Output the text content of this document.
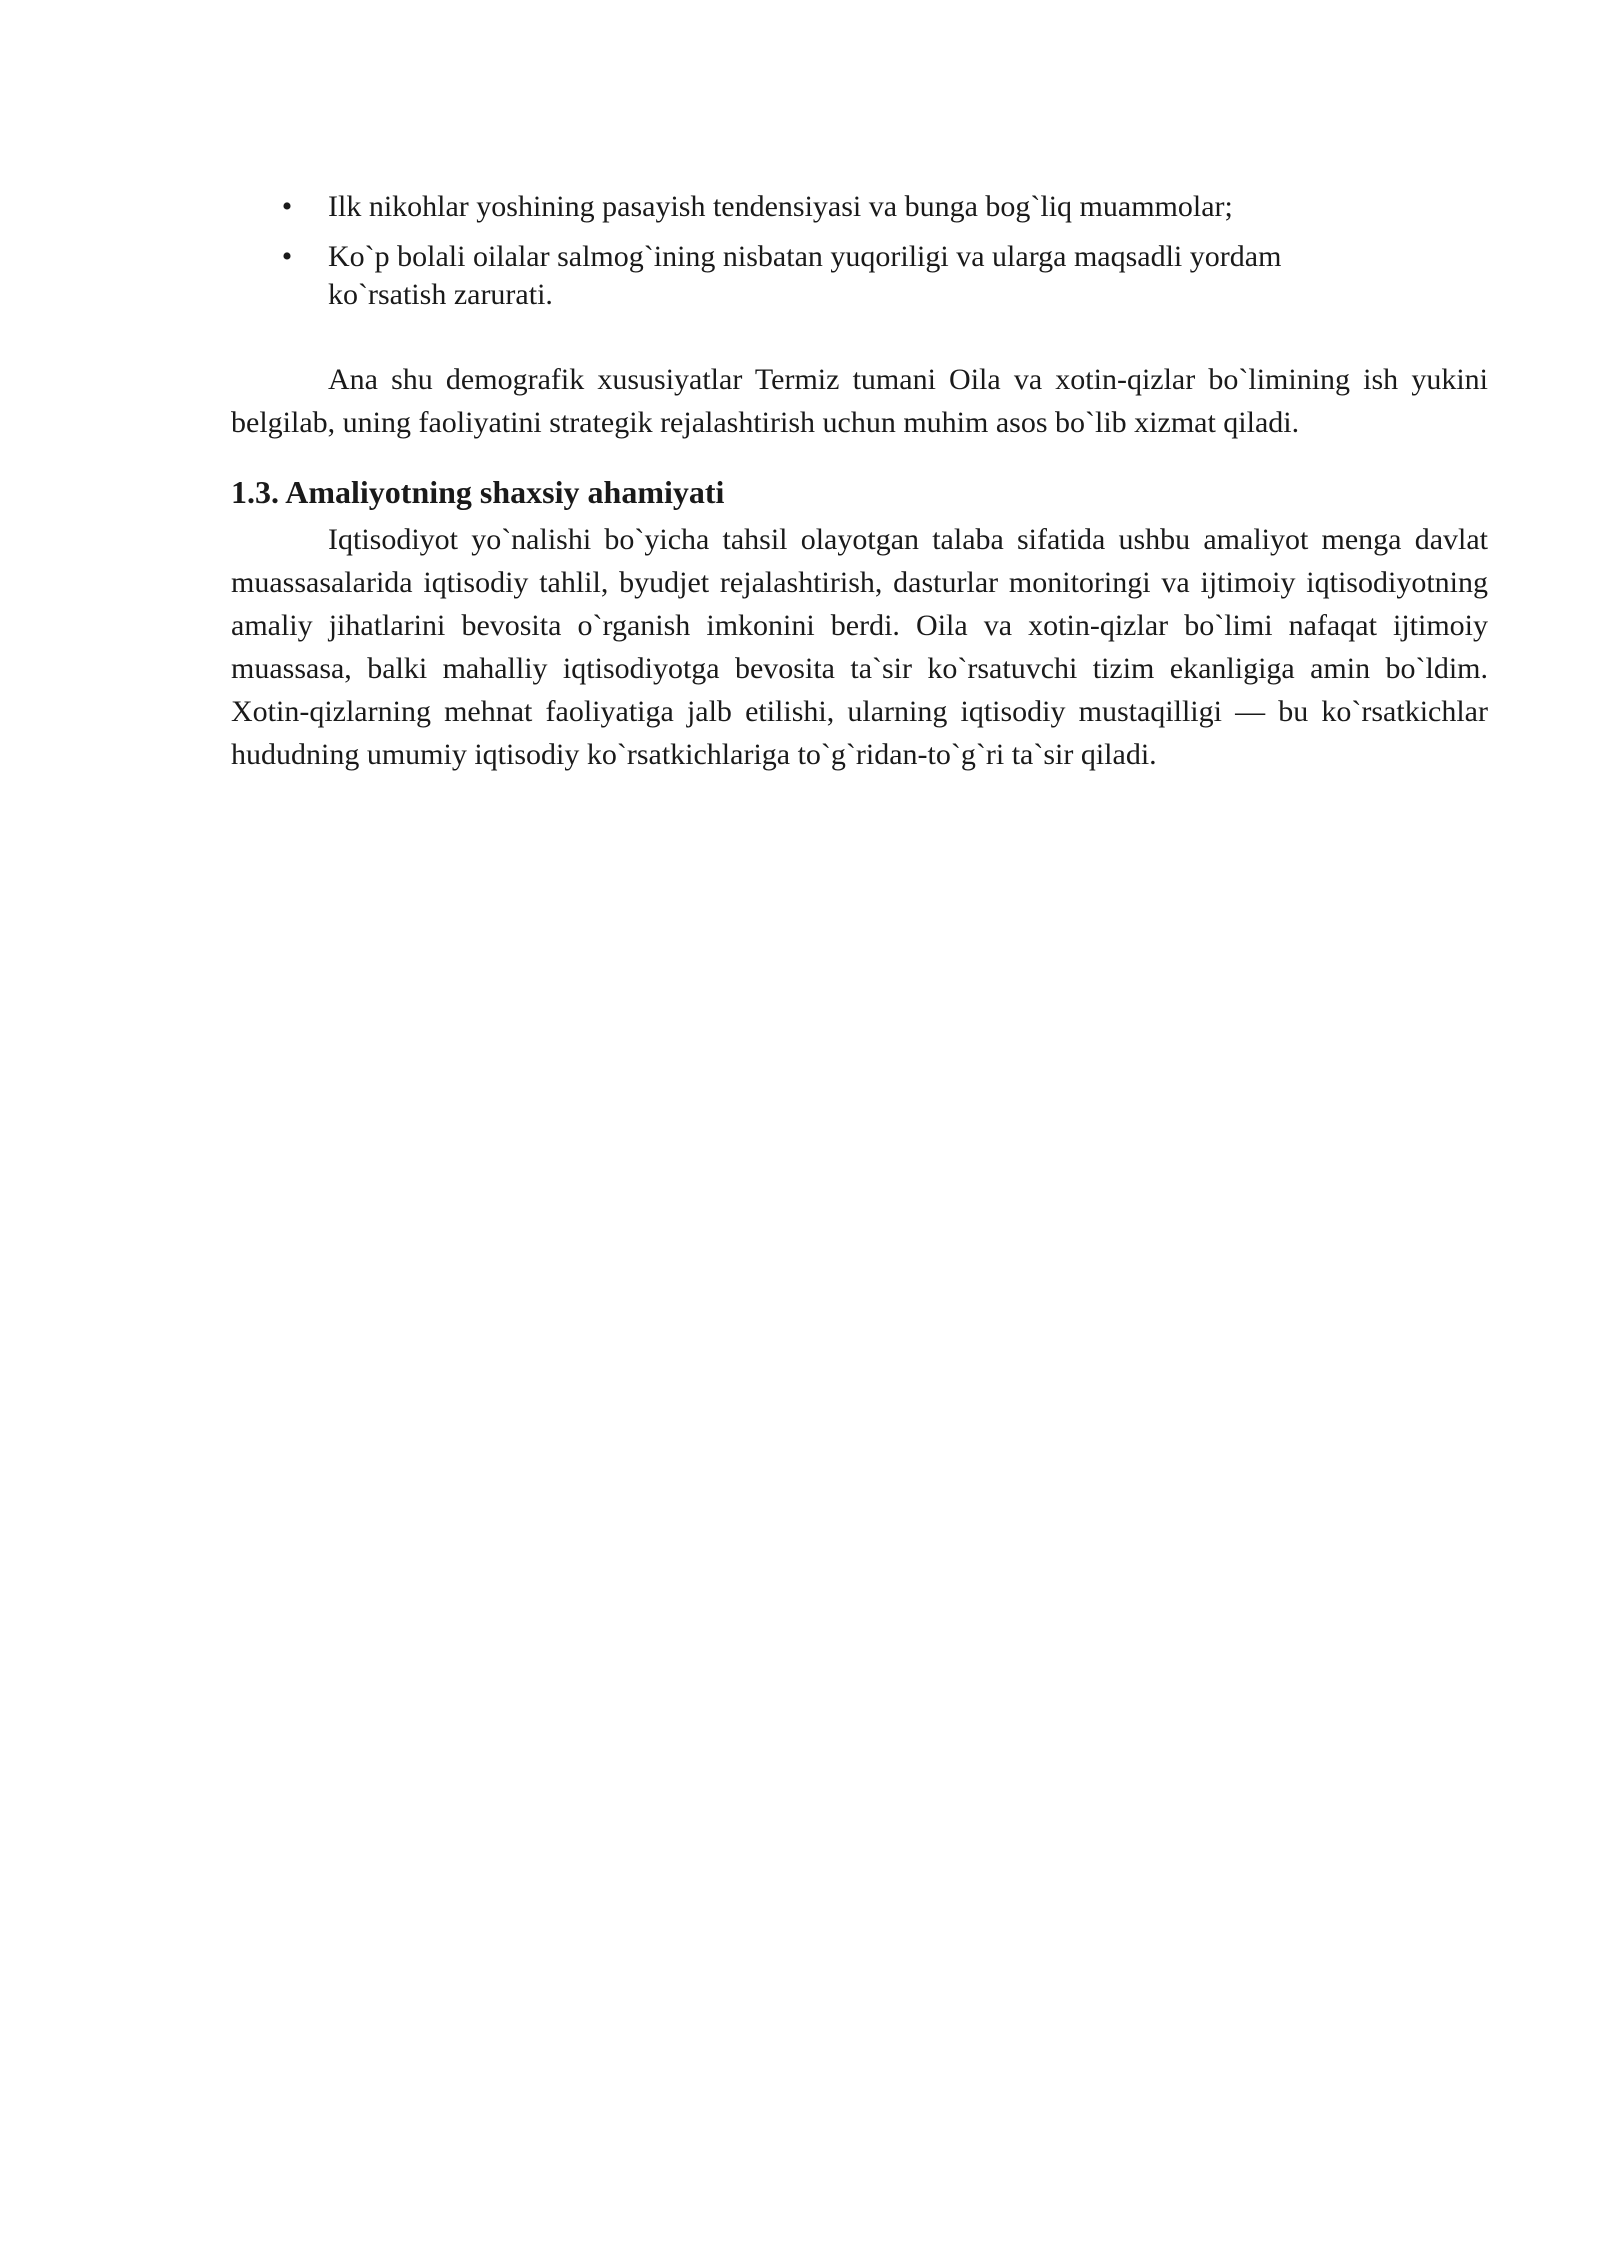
• Ilk nikohlar yoshining pasayish tendensiyasi va bunga bog`liq muammolar;
• Ko`p bolali oilalar salmog`ining nisbatan yuqoriligi va ularga maqsadli yordam ko`rsatish zarurati.

Ana shu demografik xususiyatlar Termiz tumani Oila va xotin-qizlar bo`limining ish yukini belgilab, uning faoliyatini strategik rejalashtirish uchun muhim asos bo`lib xizmat qiladi.

1.3. Amaliyotning shaxsiy ahamiyati

Iqtisodiyot yo`nalishi bo`yicha tahsil olayotgan talaba sifatida ushbu amaliyot menga davlat muassasalarida iqtisodiy tahlil, byudjet rejalashtirish, dasturlar monitoringi va ijtimoiy iqtisodiyotning amaliy jihatlarini bevosita o`rganish imkonini berdi. Oila va xotin-qizlar bo`limi nafaqat ijtimoiy muassasa, balki mahalliy iqtisodiyotga bevosita ta`sir ko`rsatuvchi tizim ekanligiga amin bo`ldim. Xotin-qizlarning mehnat faoliyatiga jalb etilishi, ularning iqtisodiy mustaqilligi — bu ko`rsatkichlar hududning umumiy iqtisodiy ko`rsatkichlariga to`g`ridan-to`g`ri ta`sir qiladi.
